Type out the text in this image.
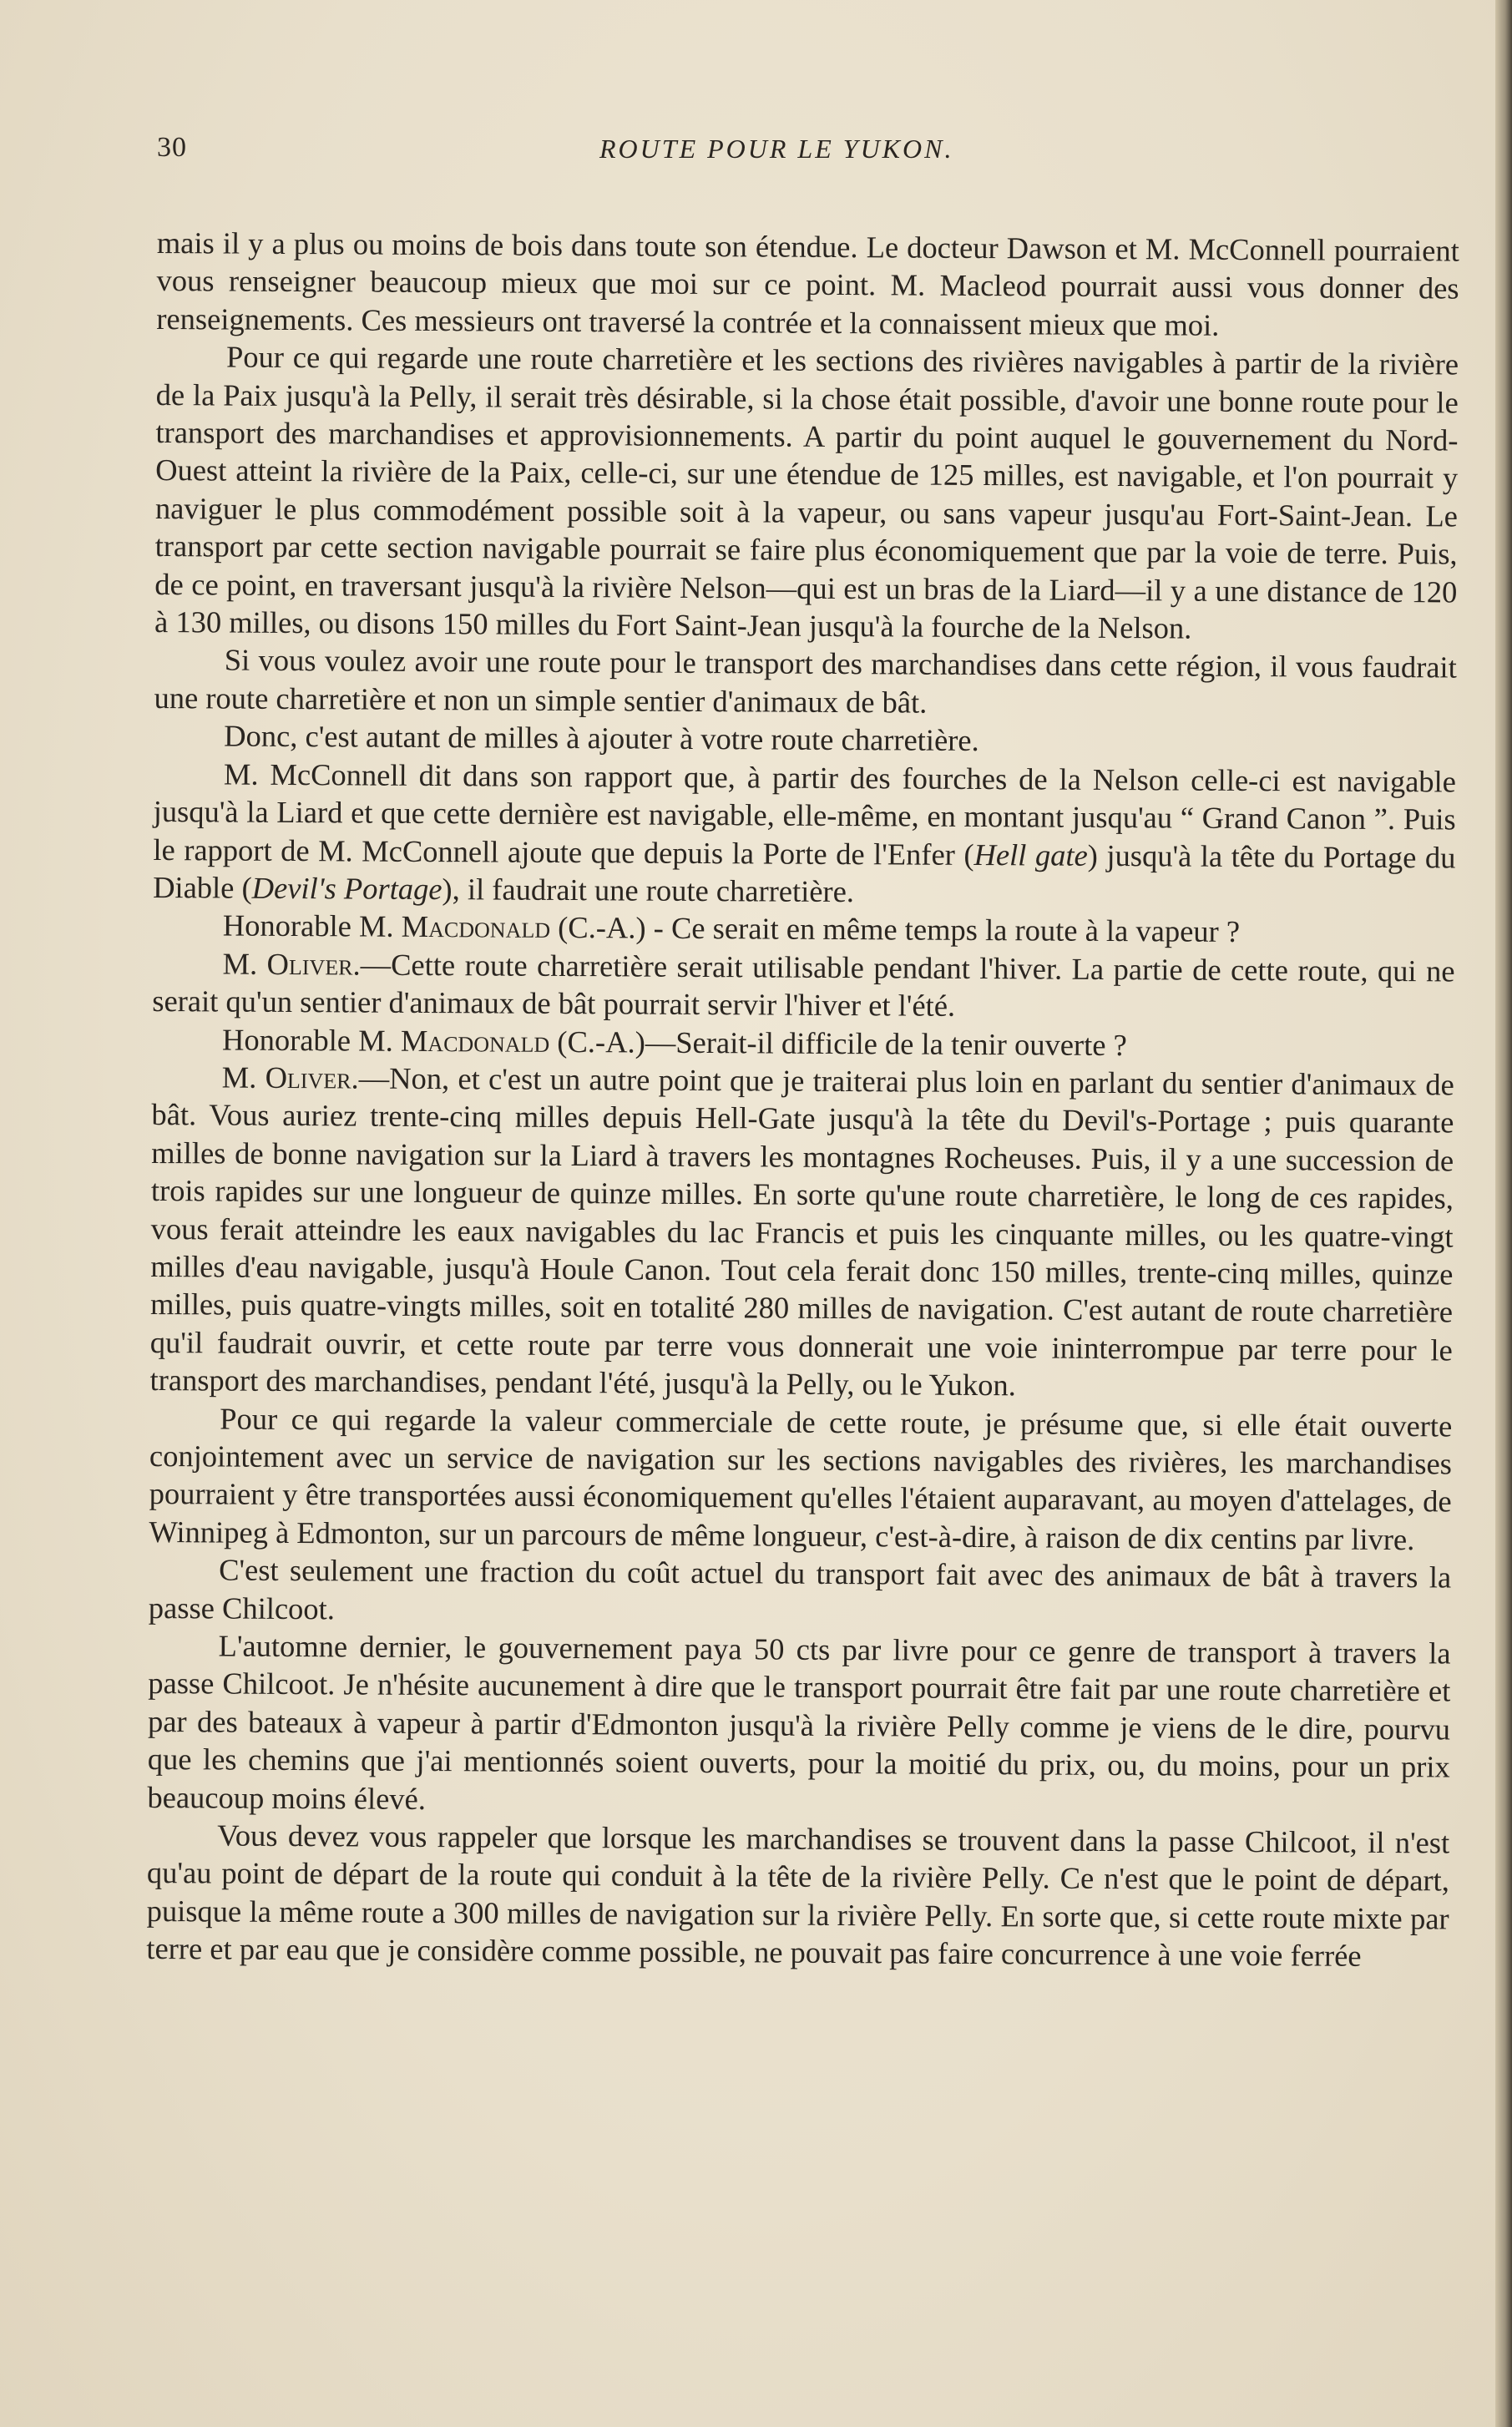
30	ROUTE POUR LE YUKON.

mais il y a plus ou moins de bois dans toute son étendue. Le docteur Dawson et M. McConnell pourraient vous renseigner beaucoup mieux que moi sur ce point. M. Macleod pourrait aussi vous donner des renseignements. Ces messieurs ont traversé la contrée et la connaissent mieux que moi.

Pour ce qui regarde une route charretière et les sections des rivières navigables à partir de la rivière de la Paix jusqu'à la Pelly, il serait très désirable, si la chose était possible, d'avoir une bonne route pour le transport des marchandises et approvisionnements. A partir du point auquel le gouvernement du Nord-Ouest atteint la rivière de la Paix, celle-ci, sur une étendue de 125 milles, est navigable, et l'on pourrait y naviguer le plus commodément possible soit à la vapeur, ou sans vapeur jusqu'au Fort-Saint-Jean. Le transport par cette section navigable pourrait se faire plus économiquement que par la voie de terre. Puis, de ce point, en traversant jusqu'à la rivière Nelson—qui est un bras de la Liard—il y a une distance de 120 à 130 milles, ou disons 150 milles du Fort Saint-Jean jusqu'à la fourche de la Nelson.

Si vous voulez avoir une route pour le transport des marchandises dans cette région, il vous faudrait une route charretière et non un simple sentier d'animaux de bât.

Donc, c'est autant de milles à ajouter à votre route charretière.

M. McConnell dit dans son rapport que, à partir des fourches de la Nelson celle-ci est navigable jusqu'à la Liard et que cette dernière est navigable, elle-même, en montant jusqu'au “ Grand Canon ”. Puis le rapport de M. McConnell ajoute que depuis la Porte de l'Enfer (Hell gate) jusqu'à la tête du Portage du Diable (Devil's Portage), il faudrait une route charretière.

Honorable M. Macdonald (C.-A.) - Ce serait en même temps la route à la vapeur ?

M. Oliver.—Cette route charretière serait utilisable pendant l'hiver. La partie de cette route, qui ne serait qu'un sentier d'animaux de bât pourrait servir l'hiver et l'été.

Honorable M. Macdonald (C.-A.)—Serait-il difficile de la tenir ouverte ?

M. Oliver.—Non, et c'est un autre point que je traiterai plus loin en parlant du sentier d'animaux de bât. Vous auriez trente-cinq milles depuis Hell-Gate jusqu'à la tête du Devil's-Portage ; puis quarante milles de bonne navigation sur la Liard à travers les montagnes Rocheuses. Puis, il y a une succession de trois rapides sur une longueur de quinze milles. En sorte qu'une route charretière, le long de ces rapides, vous ferait atteindre les eaux navigables du lac Francis et puis les cinquante milles, ou les quatre-vingt milles d'eau navigable, jusqu'à Houle Canon. Tout cela ferait donc 150 milles, trente-cinq milles, quinze milles, puis quatre-vingts milles, soit en totalité 280 milles de navigation. C'est autant de route charretière qu'il faudrait ouvrir, et cette route par terre vous donnerait une voie ininterrompue par terre pour le transport des marchandises, pendant l'été, jusqu'à la Pelly, ou le Yukon.

Pour ce qui regarde la valeur commerciale de cette route, je présume que, si elle était ouverte conjointement avec un service de navigation sur les sections navigables des rivières, les marchandises pourraient y être transportées aussi économiquement qu'elles l'étaient auparavant, au moyen d'attelages, de Winnipeg à Edmonton, sur un parcours de même longueur, c'est-à-dire, à raison de dix centins par livre.

C'est seulement une fraction du coût actuel du transport fait avec des animaux de bât à travers la passe Chilcoot.

L'automne dernier, le gouvernement paya 50 cts par livre pour ce genre de transport à travers la passe Chilcoot. Je n'hésite aucunement à dire que le transport pourrait être fait par une route charretière et par des bateaux à vapeur à partir d'Edmonton jusqu'à la rivière Pelly comme je viens de le dire, pourvu que les chemins que j'ai mentionnés soient ouverts, pour la moitié du prix, ou, du moins, pour un prix beaucoup moins élevé.

Vous devez vous rappeler que lorsque les marchandises se trouvent dans la passe Chilcoot, il n'est qu'au point de départ de la route qui conduit à la tête de la rivière Pelly. Ce n'est que le point de départ, puisque la même route a 300 milles de navigation sur la rivière Pelly. En sorte que, si cette route mixte par terre et par eau que je considère comme possible, ne pouvait pas faire concurrence à une voie ferrée
